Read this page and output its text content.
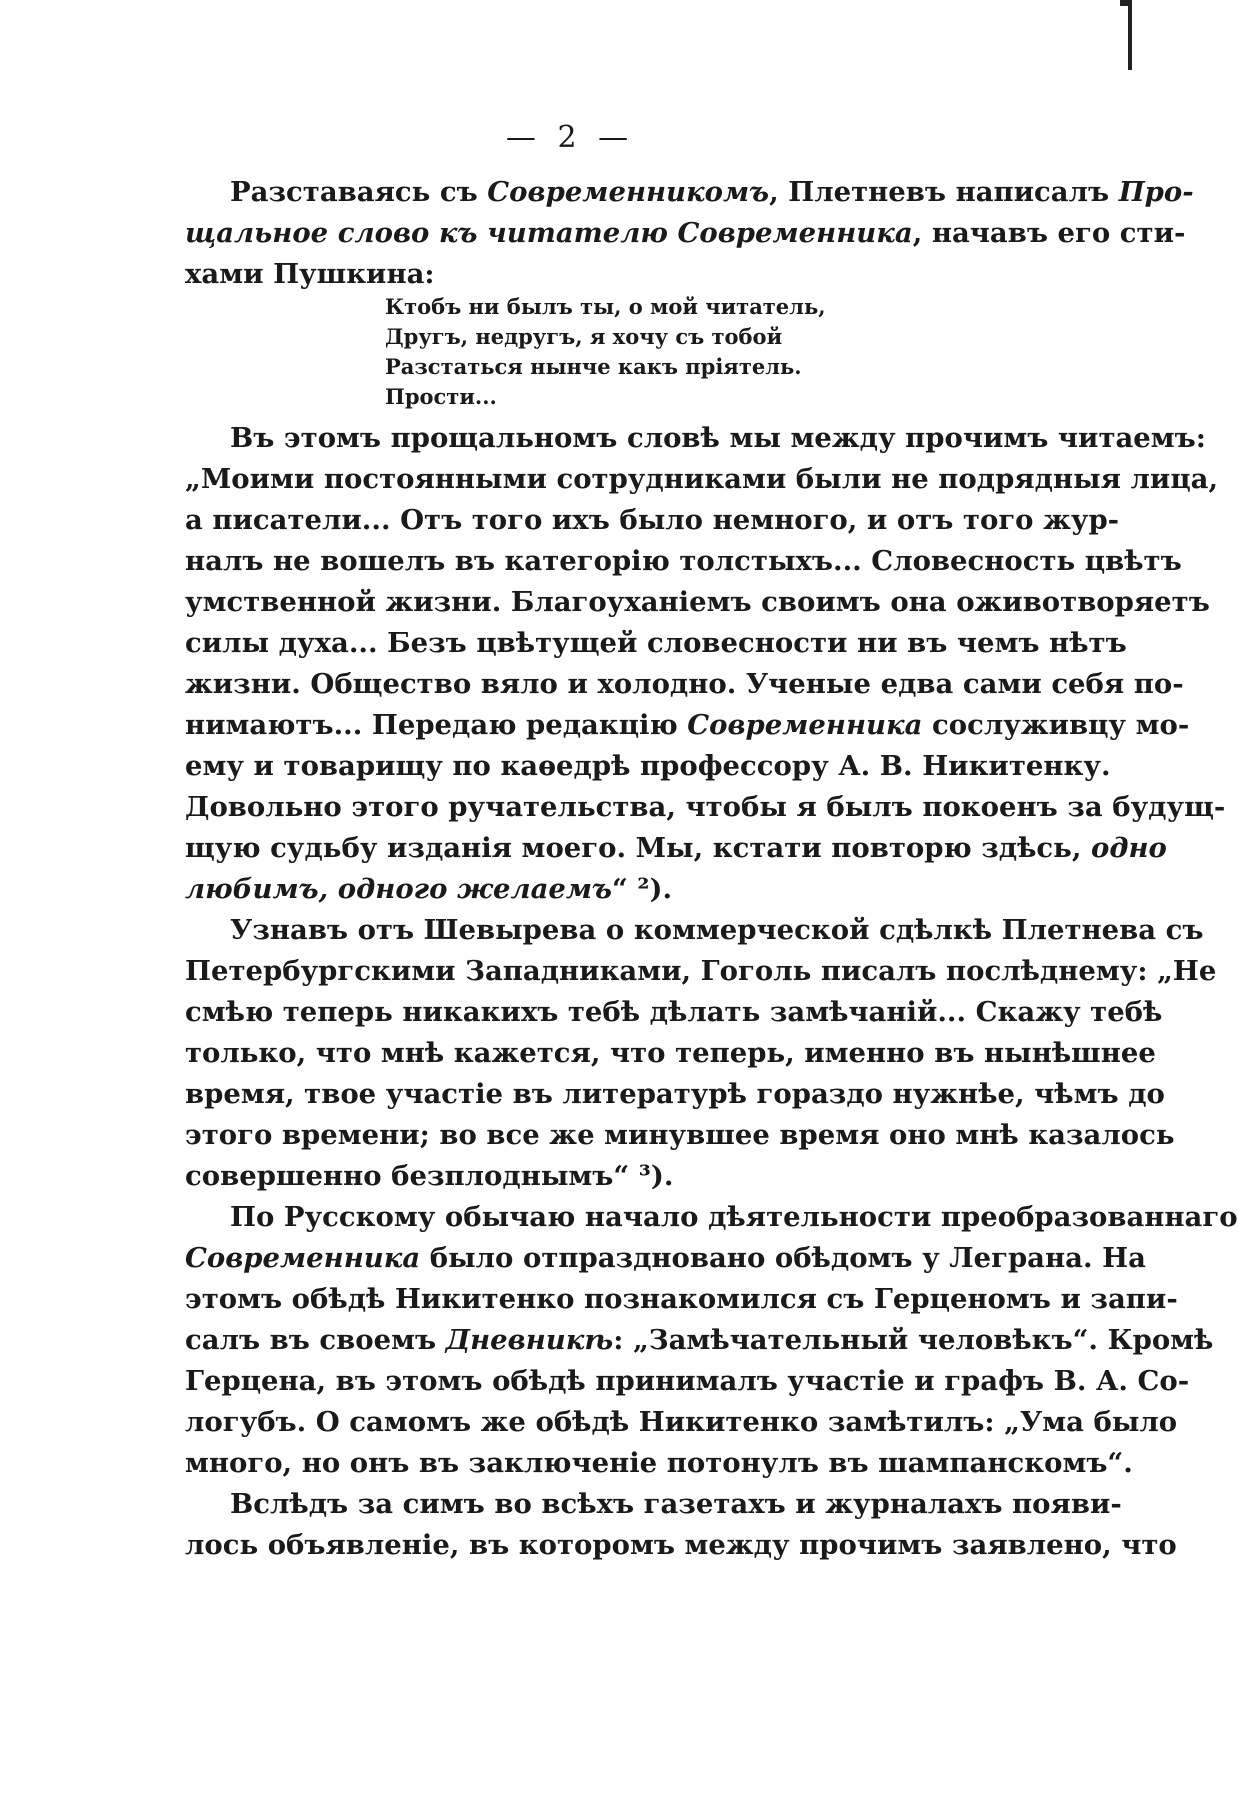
— 2 —
Разставаясь съ Современникомъ, Плетневъ написалъ Про-
щальное слово къ читателю Современника, начавъ его сти-
хами Пушкина:
Ктобъ ни былъ ты, о мой читатель,
Другъ, недругъ, я хочу съ тобой
Разстаться нынче какъ пріятель.
Прости...
Въ этомъ прощальномъ словѣ мы между прочимъ читаемъ:
„Моими постоянными сотрудниками были не подрядныя лица,
а писатели... Отъ того ихъ было немного, и отъ того жур-
налъ не вошелъ въ категорію толстыхъ... Словесность цвѣтъ
умственной жизни. Благоуханіемъ своимъ она оживотворяетъ
силы духа... Безъ цвѣтущей словесности ни въ чемъ нѣтъ
жизни. Общество вяло и холодно. Ученые едва сами себя по-
нимаютъ... Передаю редакцію Современника сослуживцу мо-
ему и товарищу по каѳедрѣ профессору А. В. Никитенку.
Довольно этого ручательства, чтобы я былъ покоенъ за будущ-
щую судьбу изданія моего. Мы, кстати повторю здѣсь, одно
любимъ, одного желаемъ“ ²).
Узнавъ отъ Шевырева о коммерческой сдѣлкѣ Плетнева съ
Петербургскими Западниками, Гоголь писалъ послѣднему: „Не
смѣю теперь никакихъ тебѣ дѣлать замѣчаній... Скажу тебѣ
только, что мнѣ кажется, что теперь, именно въ нынѣшнее
время, твое участіе въ литературѣ гораздо нужнѣе, чѣмъ до
этого времени; во все же минувшее время оно мнѣ казалось
совершенно безплоднымъ“ ³).
По Русскому обычаю начало дѣятельности преобразованнаго
Современника было отпраздновано обѣдомъ у Леграна. На
этомъ обѣдѣ Никитенко познакомился съ Герценомъ и запи-
салъ въ своемъ Дневникѣ: „Замѣчательный человѣкъ“. Кромѣ
Герцена, въ этомъ обѣдѣ принималъ участіе и графъ В. А. Со-
логубъ. О самомъ же обѣдѣ Никитенко замѣтилъ: „Ума было
много, но онъ въ заключеніе потонулъ въ шампанскомъ“.
Вслѣдъ за симъ во всѣхъ газетахъ и журналахъ появи-
лось объявленіе, въ которомъ между прочимъ заявлено, что
